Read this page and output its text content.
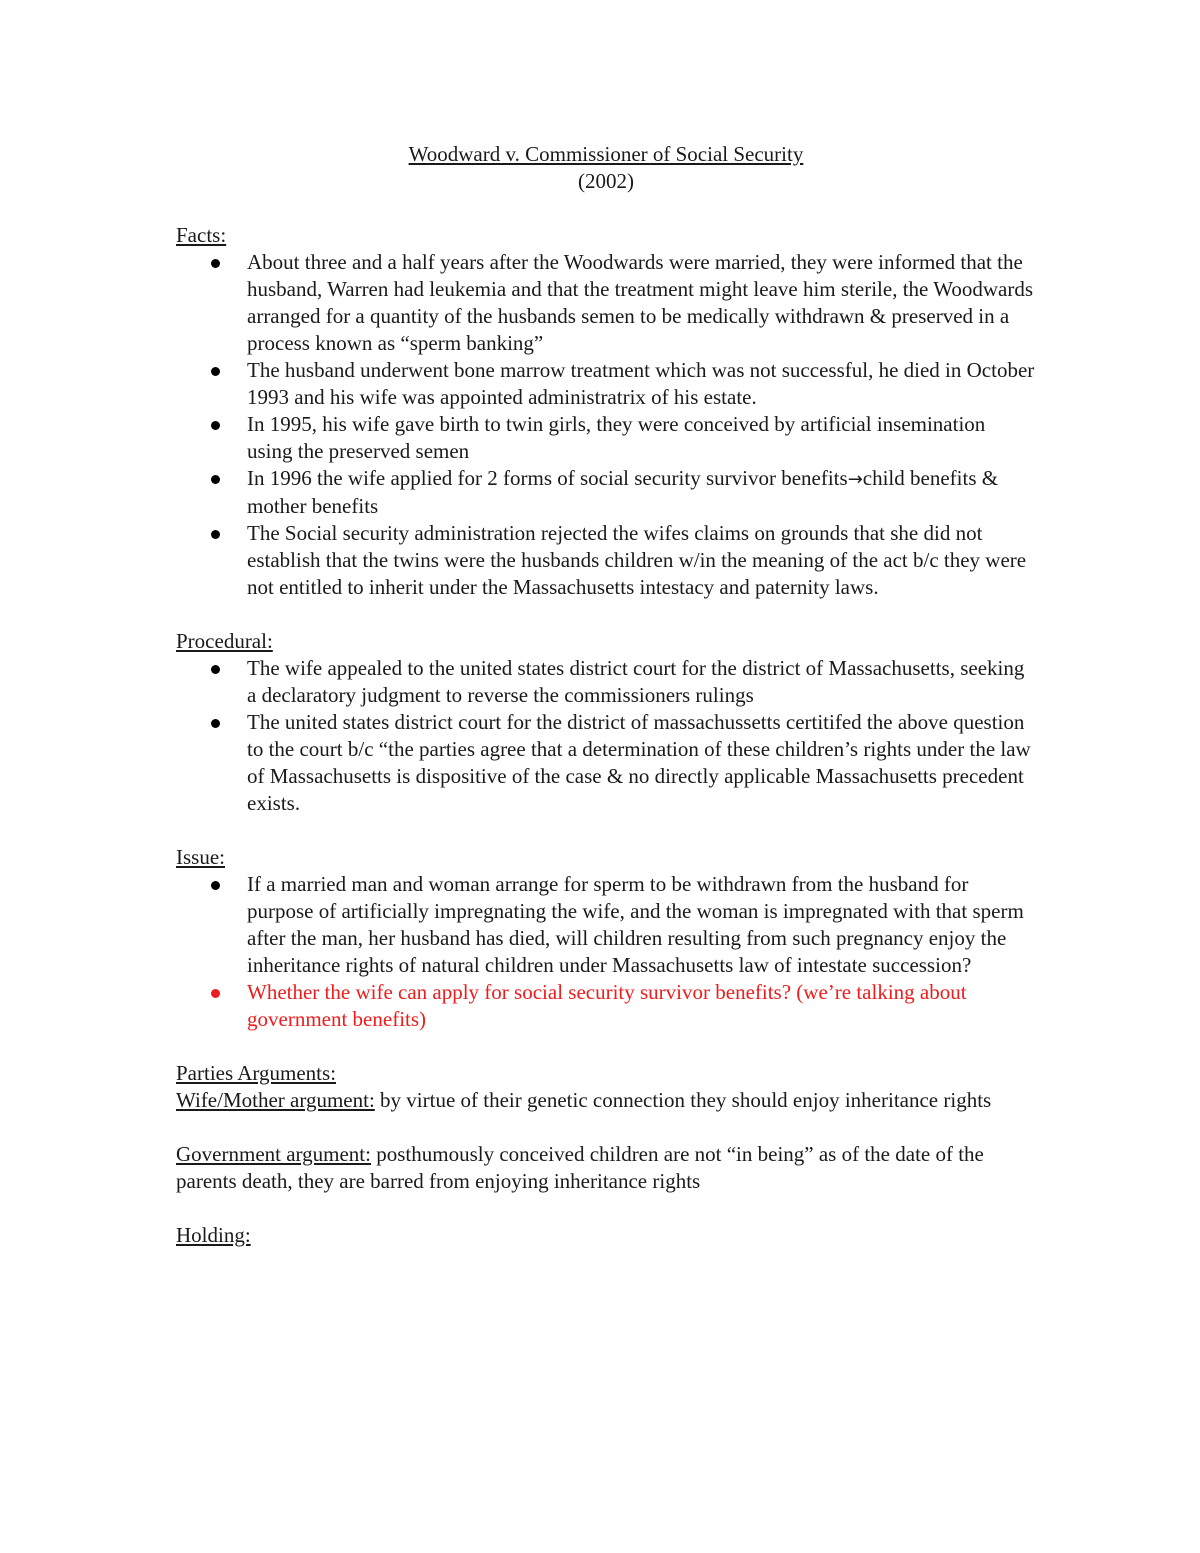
Woodward v. Commissioner of Social Security
(2002)
Facts:
About three and a half years after the Woodwards were married, they were informed that the husband, Warren had leukemia and that the treatment might leave him sterile, the Woodwards arranged for a quantity of the husbands semen to be medically withdrawn & preserved in a process known as “sperm banking”
The husband underwent bone marrow treatment which was not successful, he died in October 1993 and his wife was appointed administratrix of his estate.
In 1995, his wife gave birth to twin girls, they were conceived by artificial insemination using the preserved semen
In 1996 the wife applied for 2 forms of social security survivor benefits→child benefits & mother benefits
The Social security administration rejected the wifes claims on grounds that she did not establish that the twins were the husbands children w/in the meaning of the act b/c they were not entitled to inherit under the Massachusetts intestacy and paternity laws.
Procedural:
The wife appealed to the united states district court for the district of Massachusetts, seeking a declaratory judgment to reverse the commissioners rulings
The united states district court for the district of massachussetts certitifed the above question to the court b/c “the parties agree that a determination of these children’s rights under the law of Massachusetts is dispositive of the case & no directly applicable Massachusetts precedent exists.
Issue:
If a married man and woman arrange for sperm to be withdrawn from the husband for purpose of artificially impregnating the wife, and the woman is impregnated with that sperm after the man, her husband has died, will children resulting from such pregnancy enjoy the inheritance rights of natural children under Massachusetts law of intestate succession?
Whether the wife can apply for social security survivor benefits? (we’re talking about government benefits)
Parties Arguments:
Wife/Mother argument: by virtue of their genetic connection they should enjoy inheritance rights
Government argument: posthumously conceived children are not “in being” as of the date of the parents death, they are barred from enjoying inheritance rights
Holding:
